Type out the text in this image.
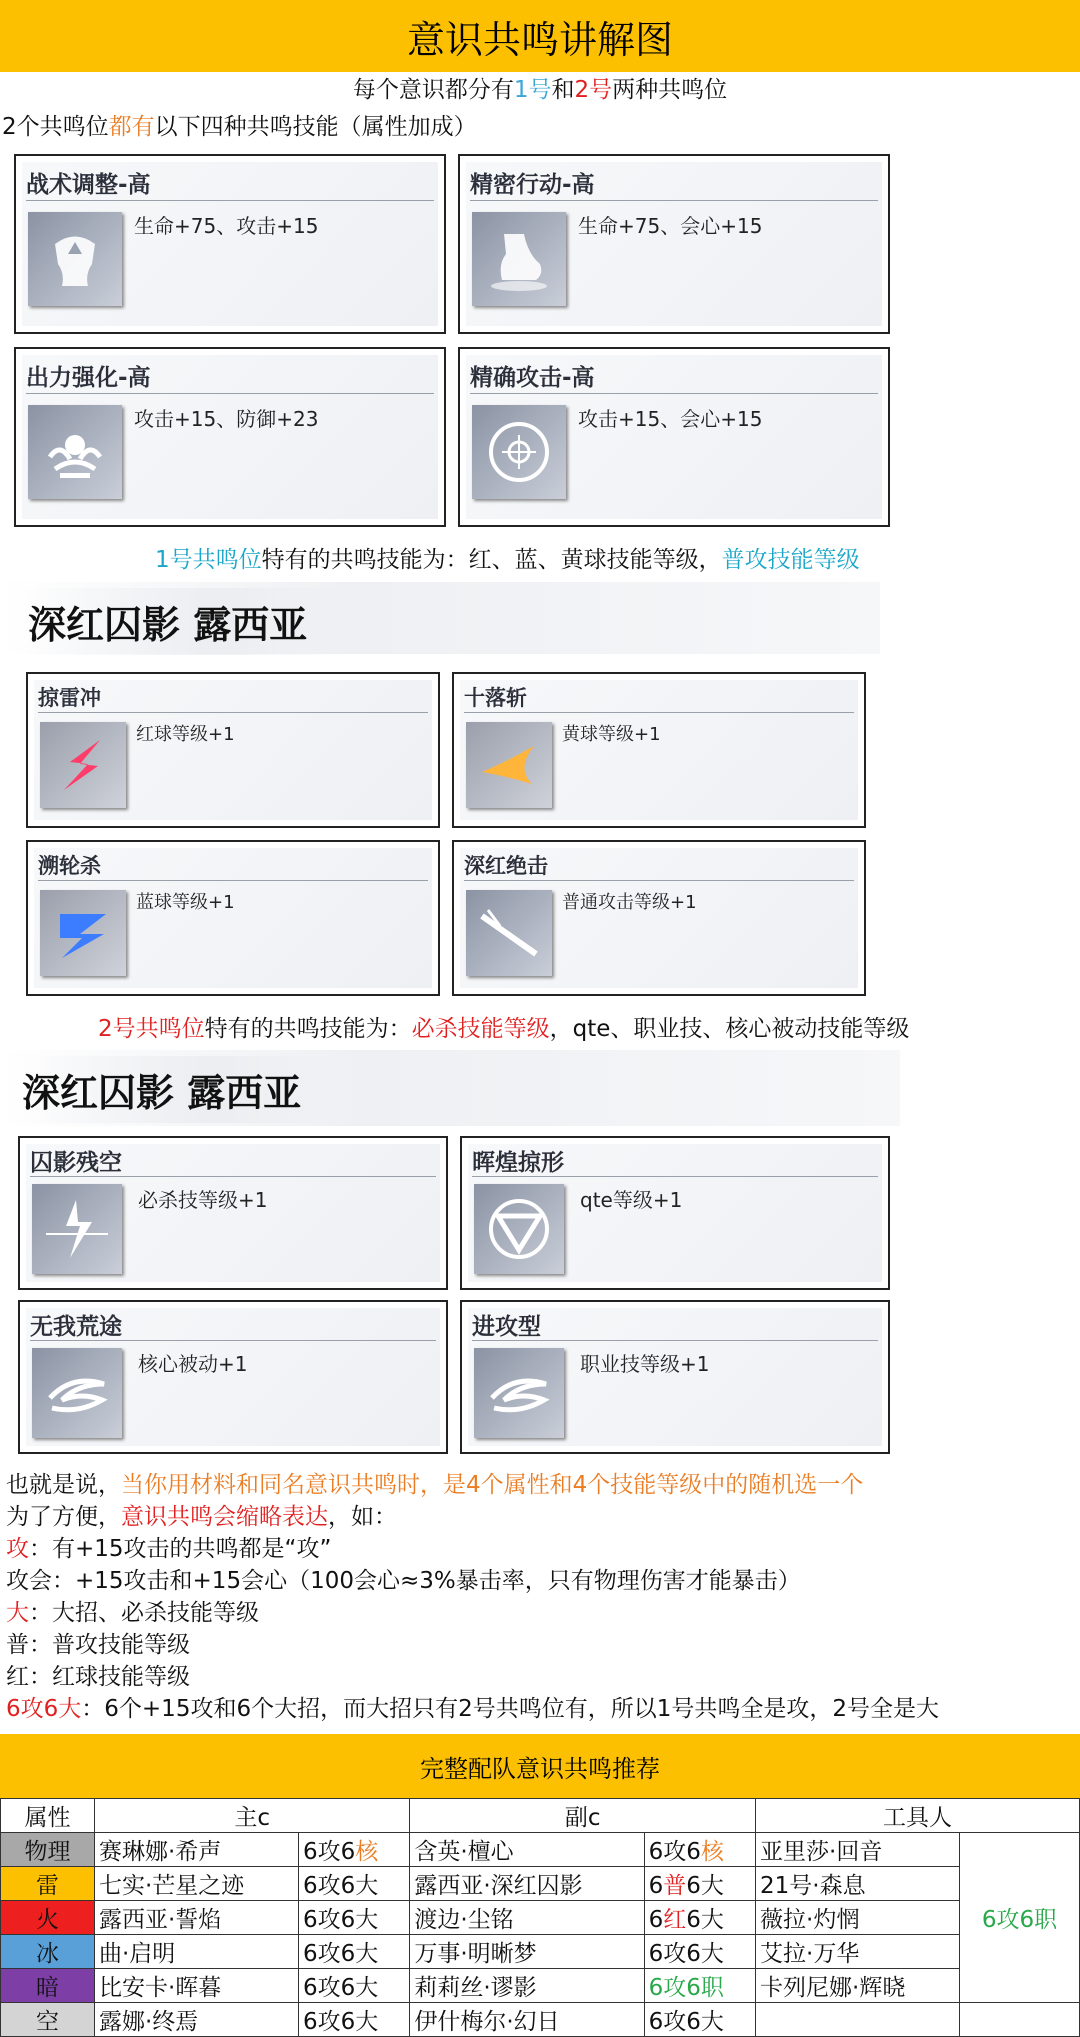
意识共鸣讲解图
每个意识都分有1号和2号两种共鸣位
2个共鸣位都有以下四种共鸣技能（属性加成）
战术调整-高
生命+75、攻击+15
精密行动-高
生命+75、会心+15
出力强化-高
攻击+15、防御+23
精确攻击-高
攻击+15、会心+15
1号共鸣位特有的共鸣技能为：红、蓝、黄球技能等级，普攻技能等级
深红囚影 露西亚
掠雷冲
红球等级+1
十落斩
黄球等级+1
溯轮杀
蓝球等级+1
深红绝击
普通攻击等级+1
2号共鸣位特有的共鸣技能为：必杀技能等级，qte、职业技、核心被动技能等级
深红囚影 露西亚
囚影残空
必杀技等级+1
晖煌掠形
qte等级+1
无我荒途
核心被动+1
进攻型
职业技等级+1
也就是说，当你用材料和同名意识共鸣时，是4个属性和4个技能等级中的随机选一个
为了方便，意识共鸣会缩略表达，如：
攻：有+15攻击的共鸣都是“攻”
攻会：+15攻击和+15会心（100会心≈3%暴击率，只有物理伤害才能暴击）
大：大招、必杀技能等级
普：普攻技能等级
红：红球技能等级
6攻6大：6个+15攻和6个大招，而大招只有2号共鸣位有，所以1号共鸣全是攻，2号全是大
完整配队意识共鸣推荐
属性	主c		副c		工具人	
物理	赛琳娜·希声	6攻6核	含英·檀心	6攻6核	亚里莎·回音	6攻6职
雷	七实·芒星之迹	6攻6大	露西亚·深红囚影	6普6大	21号·森息	
火	露西亚·誓焰	6攻6大	渡边·尘铭	6红6大	薇拉·灼惘	
冰	曲·启明	6攻6大	万事·明晰梦	6攻6大	艾拉·万华	
暗	比安卡·晖暮	6攻6大	莉莉丝·谬影	6攻6职	卡列尼娜·辉晓	
空	露娜·终焉	6攻6大	伊什梅尔·幻日	6攻6大		
